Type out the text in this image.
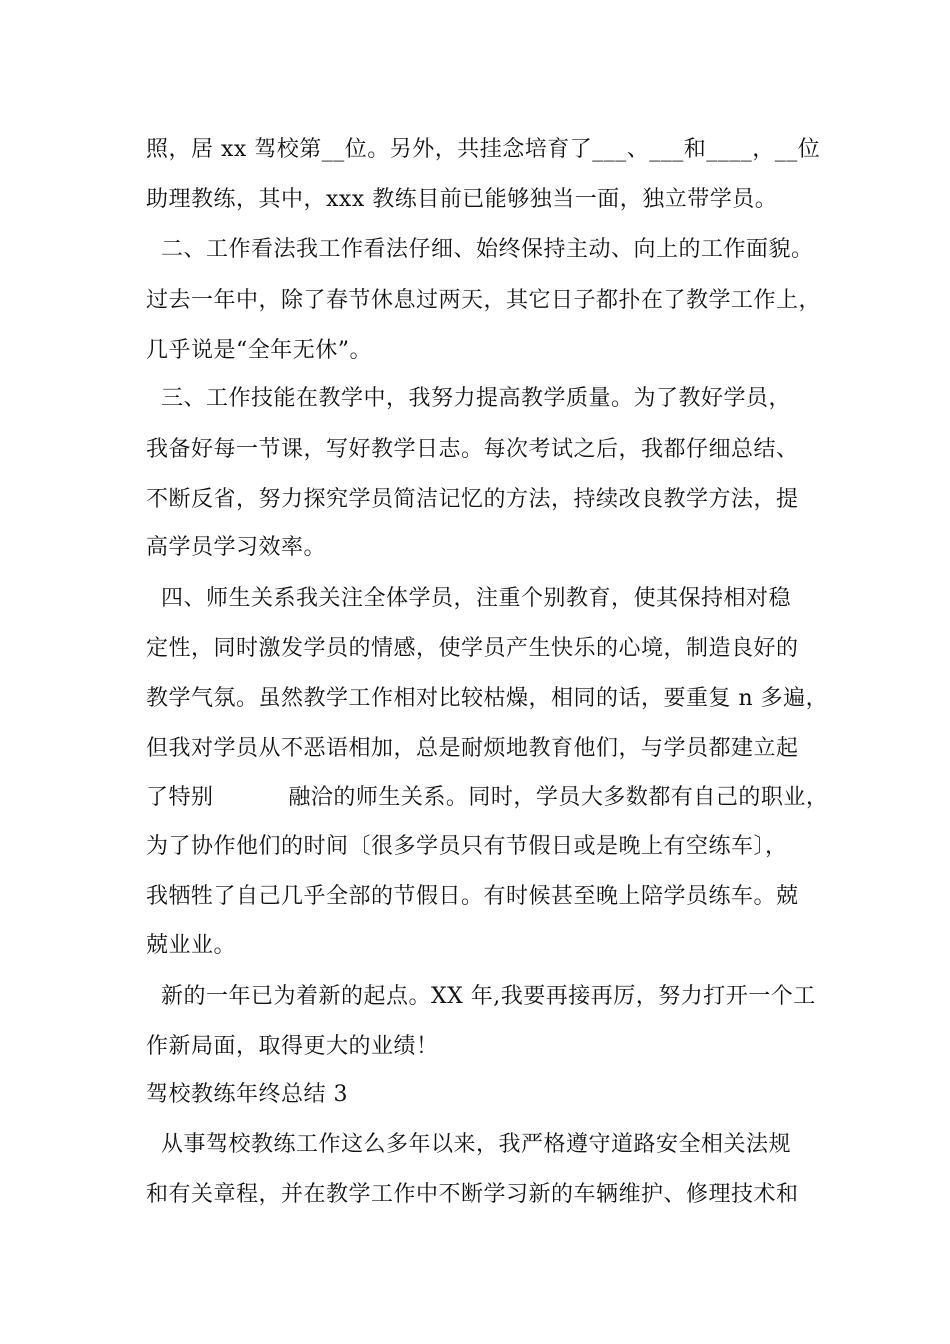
照，居 xx 驾校第__位。另外，共挂念培育了___、___和____，__位
助理教练，其中，xxx 教练目前已能够独当一面，独立带学员。
二、工作看法我工作看法仔细、始终保持主动、向上的工作面貌。
过去一年中，除了春节休息过两天，其它日子都扑在了教学工作上，
几乎说是“全年无休”。
三、工作技能在教学中，我努力提高教学质量。为了教好学员，
我备好每一节课，写好教学日志。每次考试之后，我都仔细总结、
不断反省，努力探究学员简洁记忆的方法，持续改良教学方法，提
高学员学习效率。
四、师生关系我关注全体学员，注重个别教育，使其保持相对稳
定性，同时激发学员的情感，使学员产生快乐的心境，制造良好的
教学气氛。虽然教学工作相对比较枯燥，相同的话，要重复 n 多遍，
但我对学员从不恶语相加，总是耐烦地教育他们，与学员都建立起
了特别          融洽的师生关系。同时，学员大多数都有自己的职业，
为了协作他们的时间〔很多学员只有节假日或是晚上有空练车〕，
我牺牲了自己几乎全部的节假日。有时候甚至晚上陪学员练车。兢
兢业业。
新的一年已为着新的起点。XX 年,我要再接再厉，努力打开一个工
作新局面，取得更大的业绩！
驾校教练年终总结 3
从事驾校教练工作这么多年以来，我严格遵守道路安全相关法规
和有关章程，并在教学工作中不断学习新的车辆维护、修理技术和
